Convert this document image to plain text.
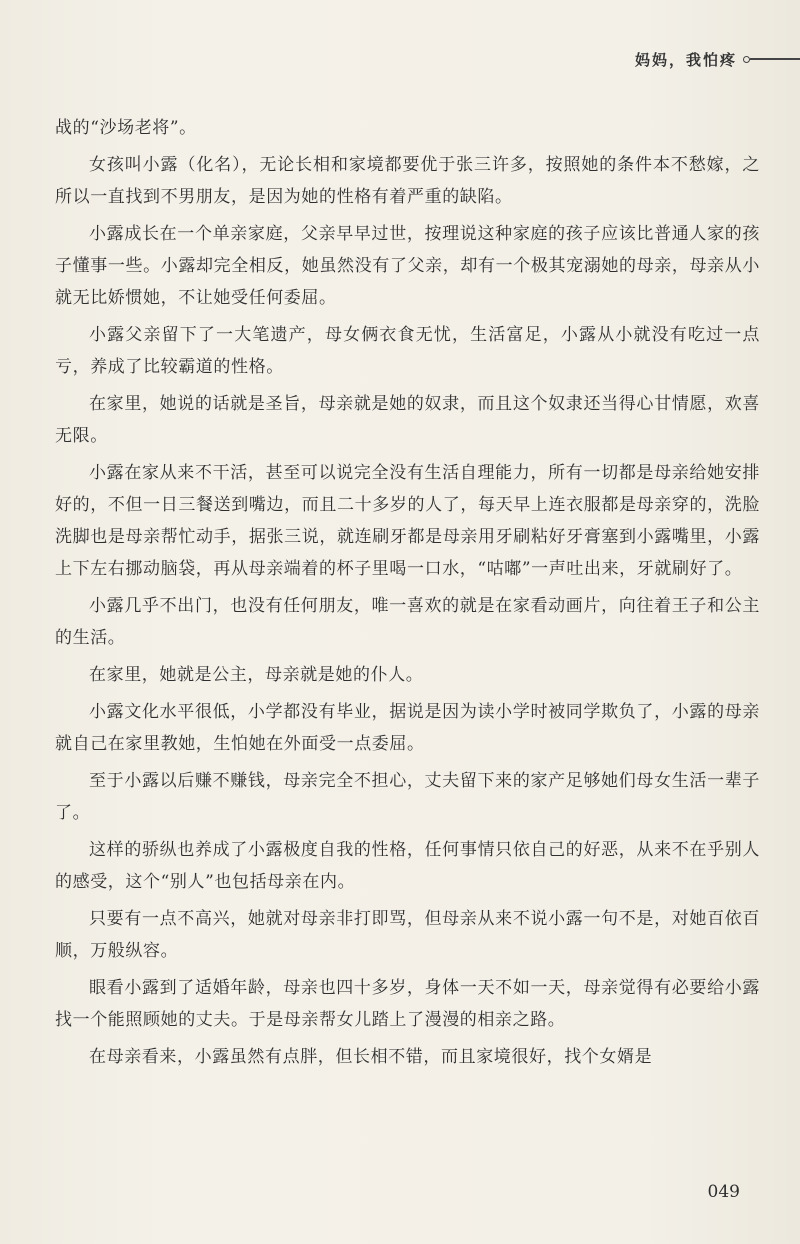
妈妈，我怕疼

战的“沙场老将”。

女孩叫小露（化名），无论长相和家境都要优于张三许多，按照她的条件本不愁嫁，之所以一直找到不男朋友，是因为她的性格有着严重的缺陷。

小露成长在一个单亲家庭，父亲早早过世，按理说这种家庭的孩子应该比普通人家的孩子懂事一些。小露却完全相反，她虽然没有了父亲，却有一个极其宠溺她的母亲，母亲从小就无比娇惯她，不让她受任何委屈。

小露父亲留下了一大笔遗产，母女俩衣食无忧，生活富足，小露从小就没有吃过一点亏，养成了比较霸道的性格。

在家里，她说的话就是圣旨，母亲就是她的奴隶，而且这个奴隶还当得心甘情愿，欢喜无限。

小露在家从来不干活，甚至可以说完全没有生活自理能力，所有一切都是母亲给她安排好的，不但一日三餐送到嘴边，而且二十多岁的人了，每天早上连衣服都是母亲穿的，洗脸洗脚也是母亲帮忙动手，据张三说，就连刷牙都是母亲用牙刷粘好牙膏塞到小露嘴里，小露上下左右挪动脑袋，再从母亲端着的杯子里喝一口水，“咕嘟”一声吐出来，牙就刷好了。

小露几乎不出门，也没有任何朋友，唯一喜欢的就是在家看动画片，向往着王子和公主的生活。

在家里，她就是公主，母亲就是她的仆人。

小露文化水平很低，小学都没有毕业，据说是因为读小学时被同学欺负了，小露的母亲就自己在家里教她，生怕她在外面受一点委屈。

至于小露以后赚不赚钱，母亲完全不担心，丈夫留下来的家产足够她们母女生活一辈子了。

这样的骄纵也养成了小露极度自我的性格，任何事情只依自己的好恶，从来不在乎别人的感受，这个“别人”也包括母亲在内。

只要有一点不高兴，她就对母亲非打即骂，但母亲从来不说小露一句不是，对她百依百顺，万般纵容。

眼看小露到了适婚年龄，母亲也四十多岁，身体一天不如一天，母亲觉得有必要给小露找一个能照顾她的丈夫。于是母亲帮女儿踏上了漫漫的相亲之路。

在母亲看来，小露虽然有点胖，但长相不错，而且家境很好，找个女婿是

049
